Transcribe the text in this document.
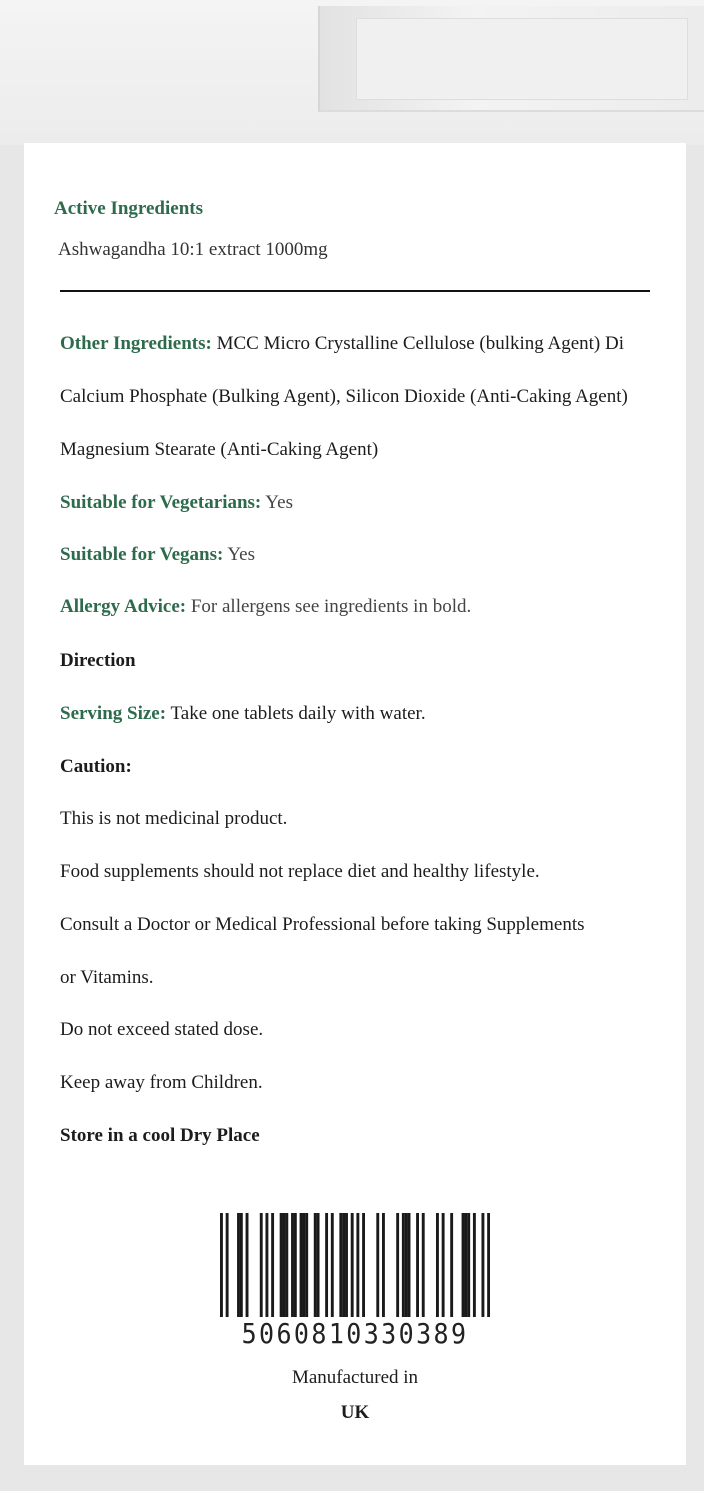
Active Ingredients
Ashwagandha 10:1 extract 1000mg
Other Ingredients: MCC Micro Crystalline Cellulose (bulking Agent) Di
Calcium Phosphate (Bulking Agent), Silicon Dioxide (Anti-Caking Agent)
Magnesium Stearate (Anti-Caking Agent)
Suitable for Vegetarians: Yes
Suitable for Vegans: Yes
Allergy Advice: For allergens see ingredients in bold.
Direction
Serving Size: Take one tablets daily with water.
Caution:
This is not medicinal product.
Food supplements should not replace diet and healthy lifestyle.
Consult a Doctor or Medical Professional before taking Supplements
or Vitamins.
Do not exceed stated dose.
Keep away from Children.
Store in a cool Dry Place
5060810330389
Manufactured in
UK
